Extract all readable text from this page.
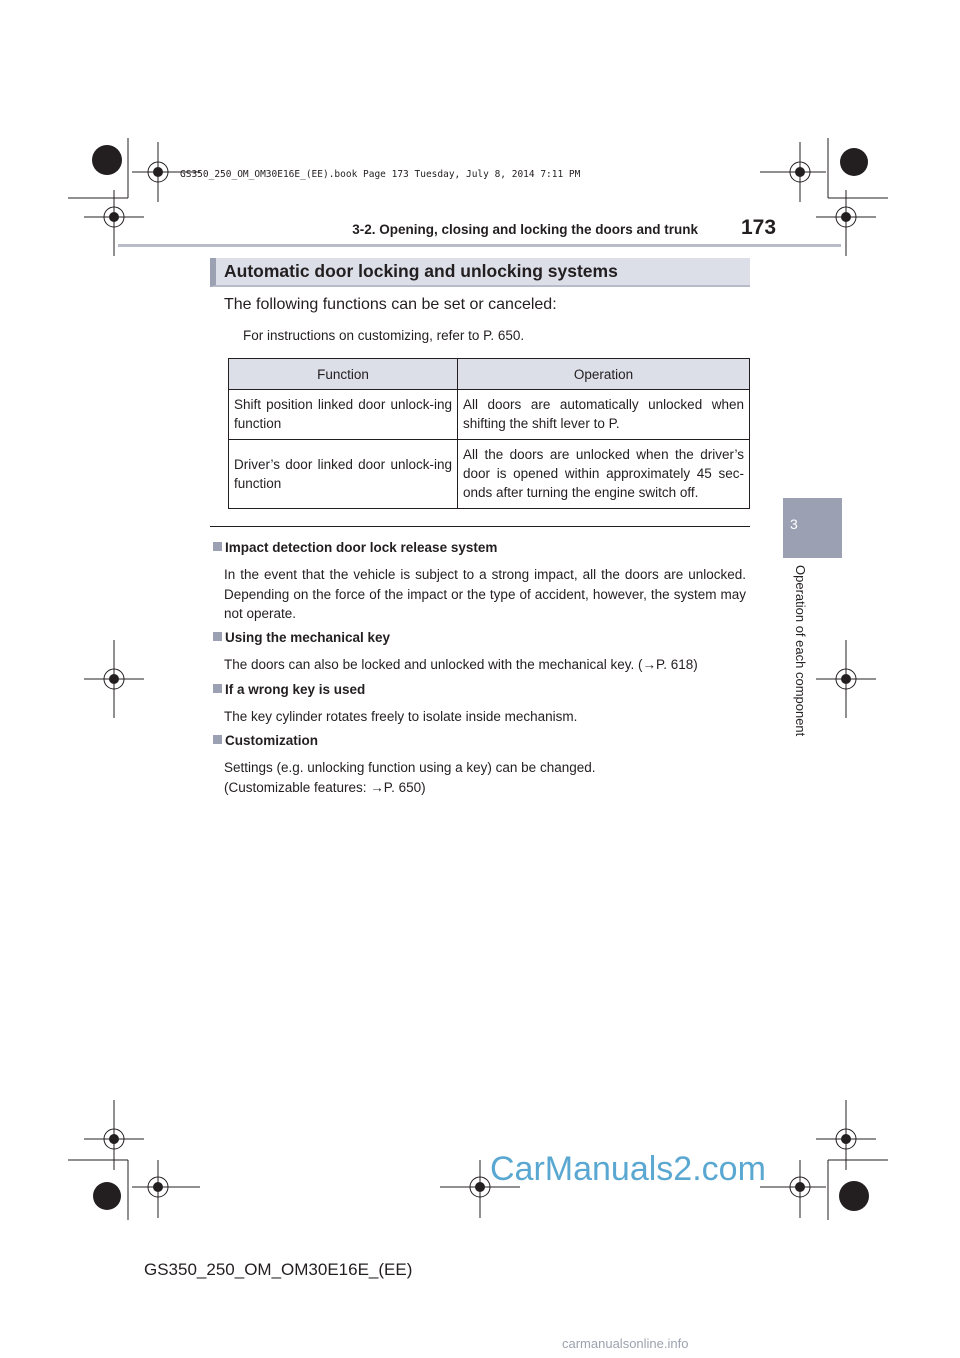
GS350_250_OM_OM30E16E_(EE).book Page 173 Tuesday, July 8, 2014 7:11 PM
3-2. Opening, closing and locking the doors and trunk 173
3
Operation of each component
Automatic door locking and unlocking systems
The following functions can be set or canceled:
For instructions on customizing, refer to P. 650.
Function	Operation
Shift position linked door unlock-ing function	All doors are automatically unlocked when shifting the shift lever to P.
Driver’s door linked door unlock-ing function	All the doors are unlocked when the driver’s door is opened within approximately 45 sec-onds after turning the engine switch off.
Impact detection door lock release system
In the event that the vehicle is subject to a strong impact, all the doors are unlocked. Depending on the force of the impact or the type of accident, however, the system may not operate.
Using the mechanical key
The doors can also be locked and unlocked with the mechanical key. (→P. 618)
If a wrong key is used
The key cylinder rotates freely to isolate inside mechanism.
Customization
Settings (e.g. unlocking function using a key) can be changed.
(Customizable features: →P. 650)
CarManuals2.com
GS350_250_OM_OM30E16E_(EE)
carmanualsonline.info
